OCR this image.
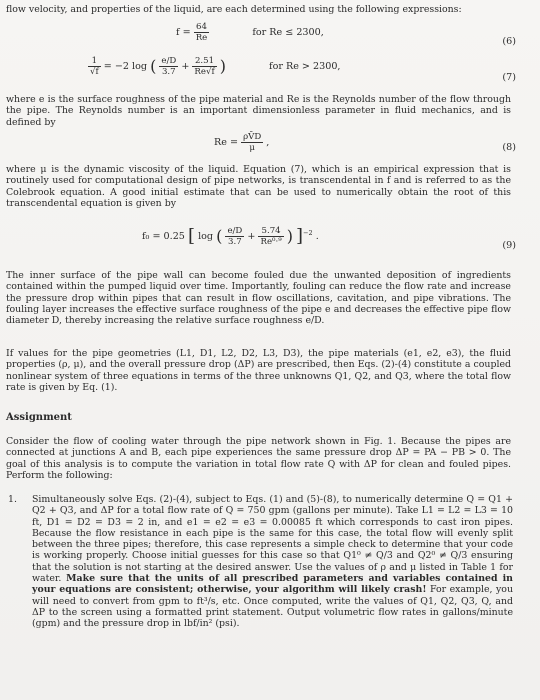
flow velocity, and properties of the liquid, are each determined using the following expressions:
$f = \frac{64}{Re}$	for Re ≤ 2300,
(6)
$\frac{1}{√f} = -2$ log ( $\frac{e/D}{3.7} + \frac{2.51}{Re√f}$ )	for Re > 2300,
(7)
where e is the surface roughness of the pipe material and Re is the Reynolds number of the flow through the pipe. The Reynolds number is an important dimensionless parameter in fluid mechanics, and is defined by
$Re = \frac{\rho V̄D}{\mu}$ ,	(8)
where μ is the dynamic viscosity of the liquid. Equation (7), which is an empirical expression that is routinely used for computational design of pipe networks, is transcendental in f and is referred to as the Colebrook equation. A good initial estimate that can be used to numerically obtain the root of this transcendental equation is given by
f₀ = 0.25 [ log ( $\frac{e/D}{3.7} + \frac{5.74}{\text{Re⁰·⁹}}$ ) ]$^{-2}$ .
(9)
The inner surface of the pipe wall can become fouled due the unwanted deposition of ingredients contained within the pumped liquid over time. Importantly, fouling can reduce the flow rate and increase the pressure drop within pipes that can result in flow oscillations, cavitation, and pipe vibrations. The fouling layer increases the effective surface roughness of the pipe e and decreases the effective pipe flow diameter D, thereby increasing the relative surface roughness e/D.
If values for the pipe geometries (L1, D1, L2, D2, L3, D3), the pipe materials (e1, e2, e3), the fluid properties (ρ, μ), and the overall pressure drop (ΔP) are prescribed, then Eqs. (2)-(4) constitute a coupled nonlinear system of three equations in terms of the three unknowns Q1, Q2, and Q3, where the total flow rate is given by Eq. (1).
Assignment
Consider the flow of cooling water through the pipe network shown in Fig. 1. Because the pipes are connected at junctions A and B, each pipe experiences the same pressure drop ΔP = PA − PB > 0. The goal of this analysis is to compute the variation in total flow rate Q with ΔP for clean and fouled pipes. Perform the following:
1. Simultaneously solve Eqs. (2)-(4), subject to Eqs. (1) and (5)-(8), to numerically determine Q = Q1 + Q2 + Q3, and ΔP for a total flow rate of Q = 750 gpm (gallons per minute). Take L1 = L2 = L3 = 10 ft, D1 = D2 = D3 = 2 in, and e1 = e2 = e3 = 0.00085 ft which corresponds to cast iron pipes. Because the flow resistance in each pipe is the same for this case, the total flow will evenly split between the three pipes; therefore, this case represents a simple check to determine that your code is working properly. Choose initial guesses for this case so that Q1⁰ ≠ Q/3 and Q2⁰ ≠ Q/3 ensuring that the solution is not starting at the desired answer. Use the values of ρ and μ listed in Table 1 for water. Make sure that the units of all prescribed parameters and variables contained in your equations are consistent; otherwise, your algorithm will likely crash! For example, you will need to convert from gpm to ft³/s, etc. Once computed, write the values of Q1, Q2, Q3, Q, and ΔP to the screen using a formatted print statement. Output volumetric flow rates in gallons/minute (gpm) and the pressure drop in lbf/in² (psi).
